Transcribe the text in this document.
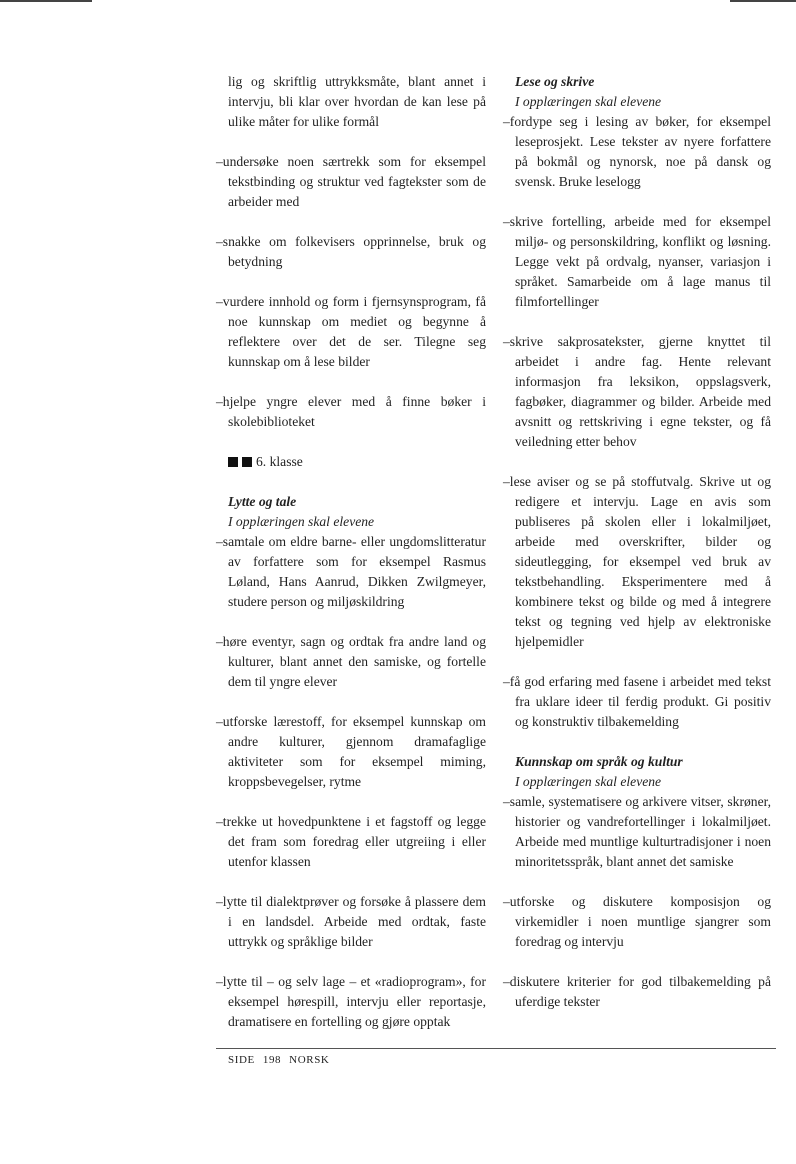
lig og skriftlig uttrykksmåte, blant annet i intervju, bli klar over hvordan de kan lese på ulike måter for ulike formål

–undersøke noen særtrekk som for eksempel tekstbinding og struktur ved fagtekster som de arbeider med

–snakke om folkevisers opprinnelse, bruk og betydning

–vurdere innhold og form i fjernsynsprogram, få noe kunnskap om mediet og begynne å reflektere over det de ser. Tilegne seg kunnskap om å lese bilder

–hjelpe yngre elever med å finne bøker i skolebiblioteket

6. klasse

Lytte og tale

I opplæringen skal elevene

–samtale om eldre barne- eller ungdomslitteratur av forfattere som for eksempel Rasmus Løland, Hans Aanrud, Dikken Zwilgmeyer, studere person og miljøskildring

–høre eventyr, sagn og ordtak fra andre land og kulturer, blant annet den samiske, og fortelle dem til yngre elever

–utforske lærestoff, for eksempel kunnskap om andre kulturer, gjennom dramafaglige aktiviteter som for eksempel miming, kroppsbevegelser, rytme

–trekke ut hovedpunktene i et fagstoff og legge det fram som foredrag eller utgreiing i eller utenfor klassen

–lytte til dialektprøver og forsøke å plassere dem i en landsdel. Arbeide med ordtak, faste uttrykk og språklige bilder

–lytte til – og selv lage – et «radioprogram», for eksempel hørespill, intervju eller reportasje, dramatisere en fortelling og gjøre opptak

Lese og skrive

I opplæringen skal elevene

–fordype seg i lesing av bøker, for eksempel leseprosjekt. Lese tekster av nyere forfattere på bokmål og nynorsk, noe på dansk og svensk. Bruke leselogg

–skrive fortelling, arbeide med for eksempel miljø- og personskildring, konflikt og løsning. Legge vekt på ordvalg, nyanser, variasjon i språket. Samarbeide om å lage manus til filmfortellinger

–skrive sakprosatekster, gjerne knyttet til arbeidet i andre fag. Hente relevant informasjon fra leksikon, oppslagsverk, fagbøker, diagrammer og bilder. Arbeide med avsnitt og rettskriving i egne tekster, og få veiledning etter behov

–lese aviser og se på stoffutvalg. Skrive ut og redigere et intervju. Lage en avis som publiseres på skolen eller i lokalmiljøet, arbeide med overskrifter, bilder og sideutlegging, for eksempel ved bruk av tekstbehandling. Eksperimentere med å kombinere tekst og bilde og med å integrere tekst og tegning ved hjelp av elektroniske hjelpemidler

–få god erfaring med fasene i arbeidet med tekst fra uklare ideer til ferdig produkt. Gi positiv og konstruktiv tilbakemelding

Kunnskap om språk og kultur

I opplæringen skal elevene

–samle, systematisere og arkivere vitser, skrøner, historier og vandrefortellinger i lokalmiljøet. Arbeide med muntlige kulturtradisjoner i noen minoritetsspråk, blant annet det samiske

–utforske og diskutere komposisjon og virkemidler i noen muntlige sjangrer som foredrag og intervju

–diskutere kriterier for god tilbakemelding på uferdige tekster

SIDE 198 NORSK
